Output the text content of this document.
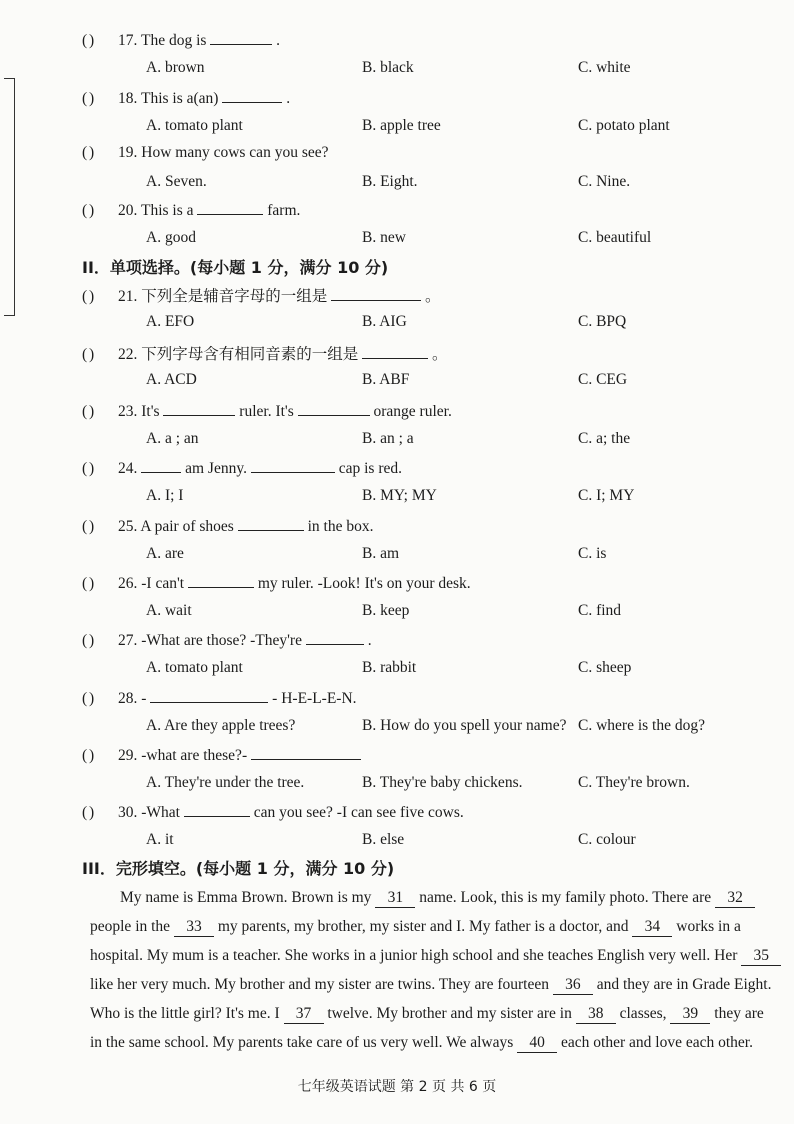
( ) 17. The dog is	.
A. brown	B. black	C. white
( ) 18. This is a(an)	.
A. tomato plant	B. apple tree	C. potato plant
( ) 19. How many cows can you see?
A. Seven.	B. Eight.	C. Nine.
( ) 20. This is a	farm.
A. good	B. new	C. beautiful
II．单项选择。(每小题 1 分，满分 10 分)
( ) 21. 下列全是辅音字母的一组是	。
A. EFO	B. AIG	C. BPQ
( ) 22. 下列字母含有相同音素的一组是	。
A. ACD	B. ABF	C. CEG
( ) 23. It's	ruler. It's	orange ruler.
A. a ; an	B. an ; a	C. a; the
( ) 24.	am Jenny.	cap is red.
A. I; I	B. MY; MY	C. I; MY
( ) 25. A pair of shoes	in the box.
A. are	B. am	C. is
( ) 26. -I can't	my ruler. -Look! It's on your desk.
A. wait	B. keep	C. find
( ) 27. -What are those? -They're	.
A. tomato plant	B. rabbit	C. sheep
( ) 28. -	- H-E-L-E-N.
A. Are they apple trees?	B. How do you spell your name? C. where is the dog?
( ) 29. -what are these?-
A. They're under the tree.	B. They're baby chickens.	C. They're brown.
( ) 30. -What	can you see? -I can see five cows.
A. it	B. else	C. colour
III．完形填空。(每小题 1 分，满分 10 分)
My name is Emma Brown. Brown is my 31 name. Look, this is my family photo. There are 32
people in the 33 my parents, my brother, my sister and I. My father is a doctor, and 34 works in a
hospital. My mum is a teacher. She works in a junior high school and she teaches English very well. Her 35
like her very much. My brother and my sister are twins. They are fourteen 36 and they are in Grade Eight.
Who is the little girl? It's me. I 37 twelve. My brother and my sister are in 38 classes, 39 they are
in the same school. My parents take care of us very well. We always 40 each other and love each other.
七年级英语试题 第 2 页 共 6 页
